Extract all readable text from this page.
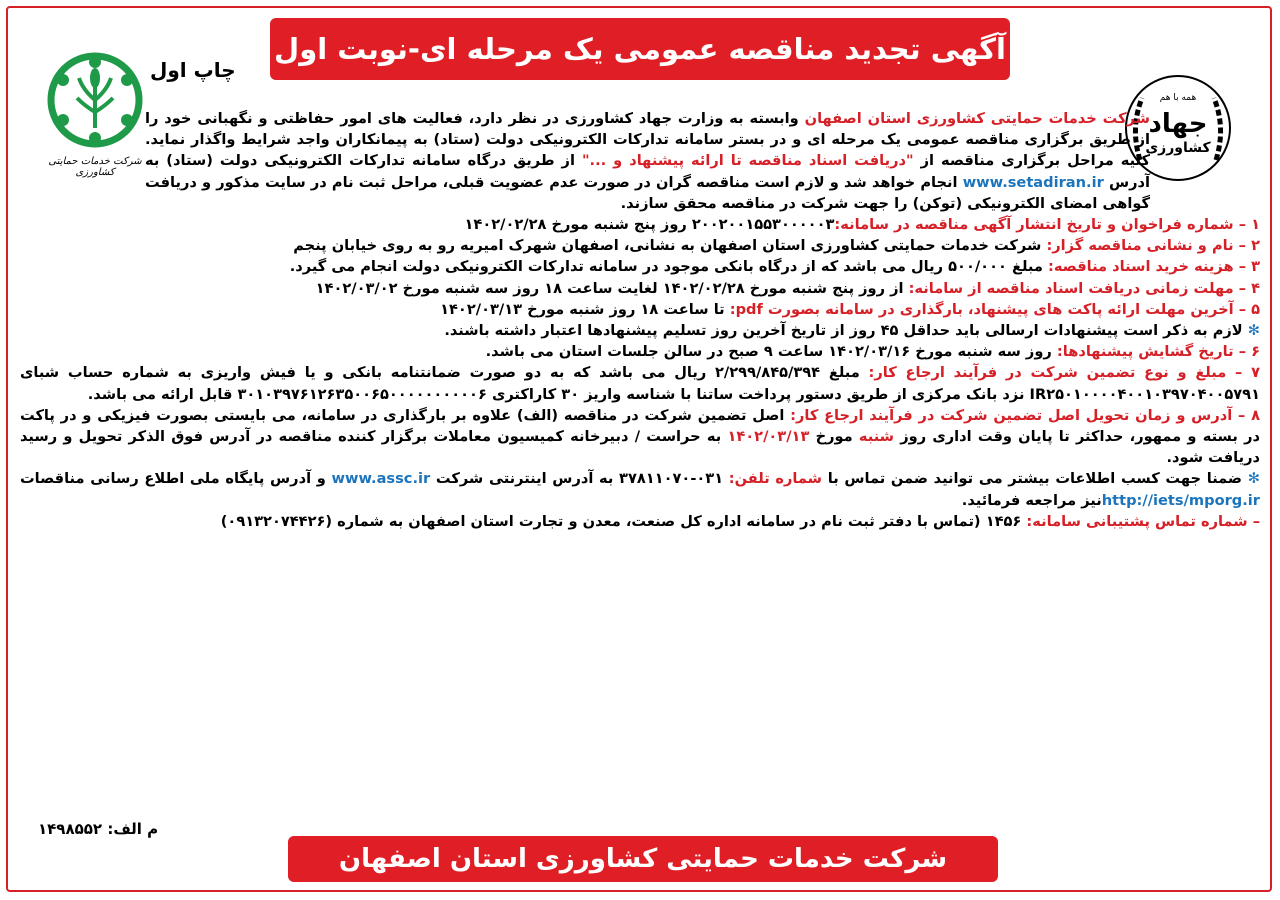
آگهی تجدید مناقصه عمومی یک مرحله ای-نوبت اول
چاپ اول
شرکت خدمات حمایتی کشاورزی
همه با هم
جهاد
کشاورزی

شرکت خدمات حمایتی کشاورزی استان اصفهان وابسته به وزارت جهاد کشاورزی در نظر دارد، فعالیت های امور حفاظتی و نگهبانی خود را از طریق برگزاری مناقصه عمومی یک مرحله ای و در بستر سامانه تدارکات الکترونیکی دولت (ستاد) به پیمانکاران واجد شرایط واگذار نماید. کلیه مراحل برگزاری مناقصه از "دریافت اسناد مناقصه تا ارائه پیشنهاد و ..." از طریق درگاه سامانه تدارکات الکترونیکی دولت (ستاد) به آدرس www.setadiran.ir انجام خواهد شد و لازم است مناقصه گران در صورت عدم عضویت قبلی، مراحل ثبت نام در سایت مذکور و دریافت گواهی امضای الکترونیکی (توکن) را جهت شرکت در مناقصه محقق سازند.

۱ – شماره فراخوان و تاریخ انتشار آگهی مناقصه در سامانه:۲۰۰۲۰۰۱۵۵۳۰۰۰۰۰۳ روز پنج شنبه مورخ ۱۴۰۲/۰۲/۲۸

۲ – نام و نشانی مناقصه گزار: شرکت خدمات حمایتی کشاورزی استان اصفهان به نشانی، اصفهان شهرک امیریه رو به روی خیابان پنجم

۳ – هزینه خرید اسناد مناقصه: مبلغ ۵۰۰/۰۰۰ ریال می باشد که از درگاه بانکی موجود در سامانه تدارکات الکترونیکی دولت انجام می گیرد.

۴ – مهلت زمانی دریافت اسناد مناقصه از سامانه: از روز پنج شنبه مورخ ۱۴۰۲/۰۲/۲۸ لغایت ساعت ۱۸ روز سه شنبه مورخ ۱۴۰۲/۰۳/۰۲

۵ – آخرین مهلت ارائه پاکت های پیشنهاد، بارگذاری در سامانه بصورت pdf: تا ساعت ۱۸ روز شنبه مورخ ۱۴۰۲/۰۳/۱۳

✻ لازم به ذکر است پیشنهادات ارسالی باید حداقل ۴۵ روز از تاریخ آخرین روز تسلیم پیشنهادها اعتبار داشته باشند.

۶ – تاریخ گشایش پیشنهادها: روز سه شنبه مورخ ۱۴۰۲/۰۳/۱۶ ساعت ۹ صبح در سالن جلسات استان می باشد.

۷ – مبلغ و نوع تضمین شرکت در فرآیند ارجاع کار: مبلغ ۲/۲۹۹/۸۴۵/۳۹۴ ریال می باشد که به دو صورت ضمانتنامه بانکی و یا فیش واریزی به شماره حساب شبای IR۲۵۰۱۰۰۰۰۴۰۰۱۰۳۹۷۰۴۰۰۵۷۹۱ نزد بانک مرکزی از طریق دستور پرداخت ساتنا با شناسه واریز ۳۰ کاراکتری ۳۰۱۰۳۹۷۶۱۲۶۳۵۰۰۶۵۰۰۰۰۰۰۰۰۰۰۶ قابل ارائه می باشد.

۸ – آدرس و زمان تحویل اصل تضمین شرکت در فرآیند ارجاع کار: اصل تضمین شرکت در مناقصه (الف) علاوه بر بارگذاری در سامانه، می بایستی بصورت فیزیکی و در پاکت در بسته و ممهور، حداکثر تا پایان وقت اداری روز شنبه مورخ ۱۴۰۲/۰۳/۱۳ به حراست / دبیرخانه کمیسیون معاملات برگزار کننده مناقصه در آدرس فوق الذکر تحویل و رسید دریافت شود.

✻ ضمنا جهت کسب اطلاعات بیشتر می توانید ضمن تماس با شماره تلفن: ۰۳۱-۳۷۸۱۱۰۷۰ به آدرس اینترنتی شرکت www.assc.ir و آدرس پایگاه ملی اطلاع رسانی مناقصات http://iets/mporg.irنیز مراجعه فرمائید.

– شماره تماس پشتیبانی سامانه: ۱۴۵۶ (تماس با دفتر ثبت نام در سامانه اداره کل صنعت، معدن و تجارت استان اصفهان به شماره (۰۹۱۳۲۰۷۴۴۲۶)

م الف: ۱۴۹۸۵۵۲
شرکت خدمات حمایتی کشاورزی استان اصفهان
